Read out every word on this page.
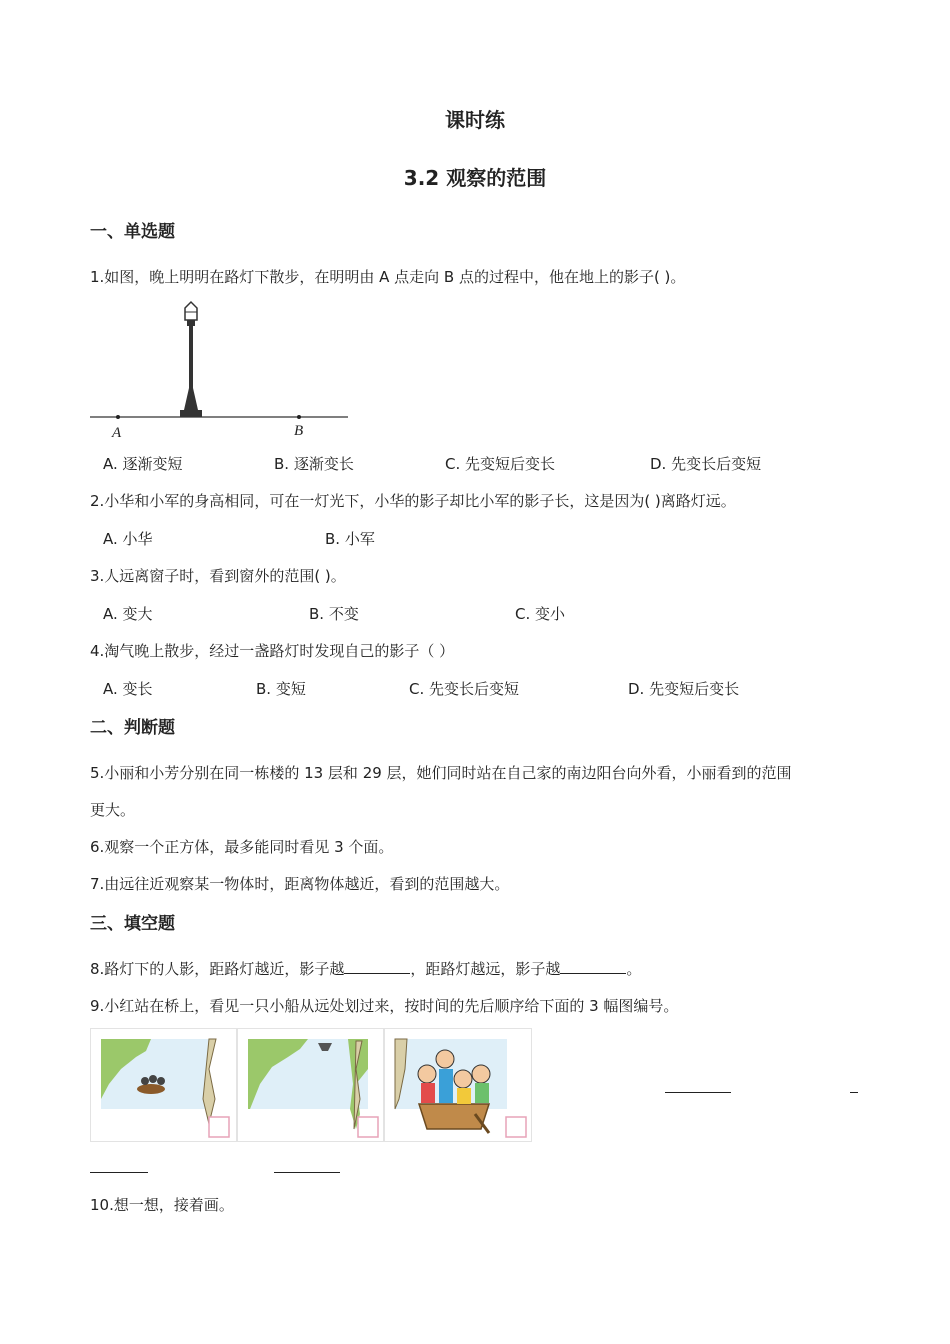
课时练
3.2 观察的范围
一、单选题
1.如图，晚上明明在路灯下散步，在明明由 A 点走向 B 点的过程中，他在地上的影子( )。
A	B
A. 逐渐变短	B. 逐渐变长	C. 先变短后变长	D. 先变长后变短
2.小华和小军的身高相同，可在一灯光下，小华的影子却比小军的影子长，这是因为( )离路灯远。
A. 小华	B. 小军
3.人远离窗子时，看到窗外的范围( )。
A. 变大	B. 不变	C. 变小
4.淘气晚上散步，经过一盏路灯时发现自己的影子（ ）
A. 变长	B. 变短	C. 先变长后变短	D. 先变短后变长
二、判断题
5.小丽和小芳分别在同一栋楼的 13 层和 29 层，她们同时站在自己家的南边阳台向外看，小丽看到的范围
更大。
6.观察一个正方体，最多能同时看见 3 个面。
7.由远往近观察某一物体时，距离物体越近，看到的范围越大。
三、填空题
8.路灯下的人影，距路灯越近，影子越	，距路灯越远，影子越	。
9.小红站在桥上，看见一只小船从远处划过来，按时间的先后顺序给下面的 3 幅图编号。
10.想一想，接着画。
